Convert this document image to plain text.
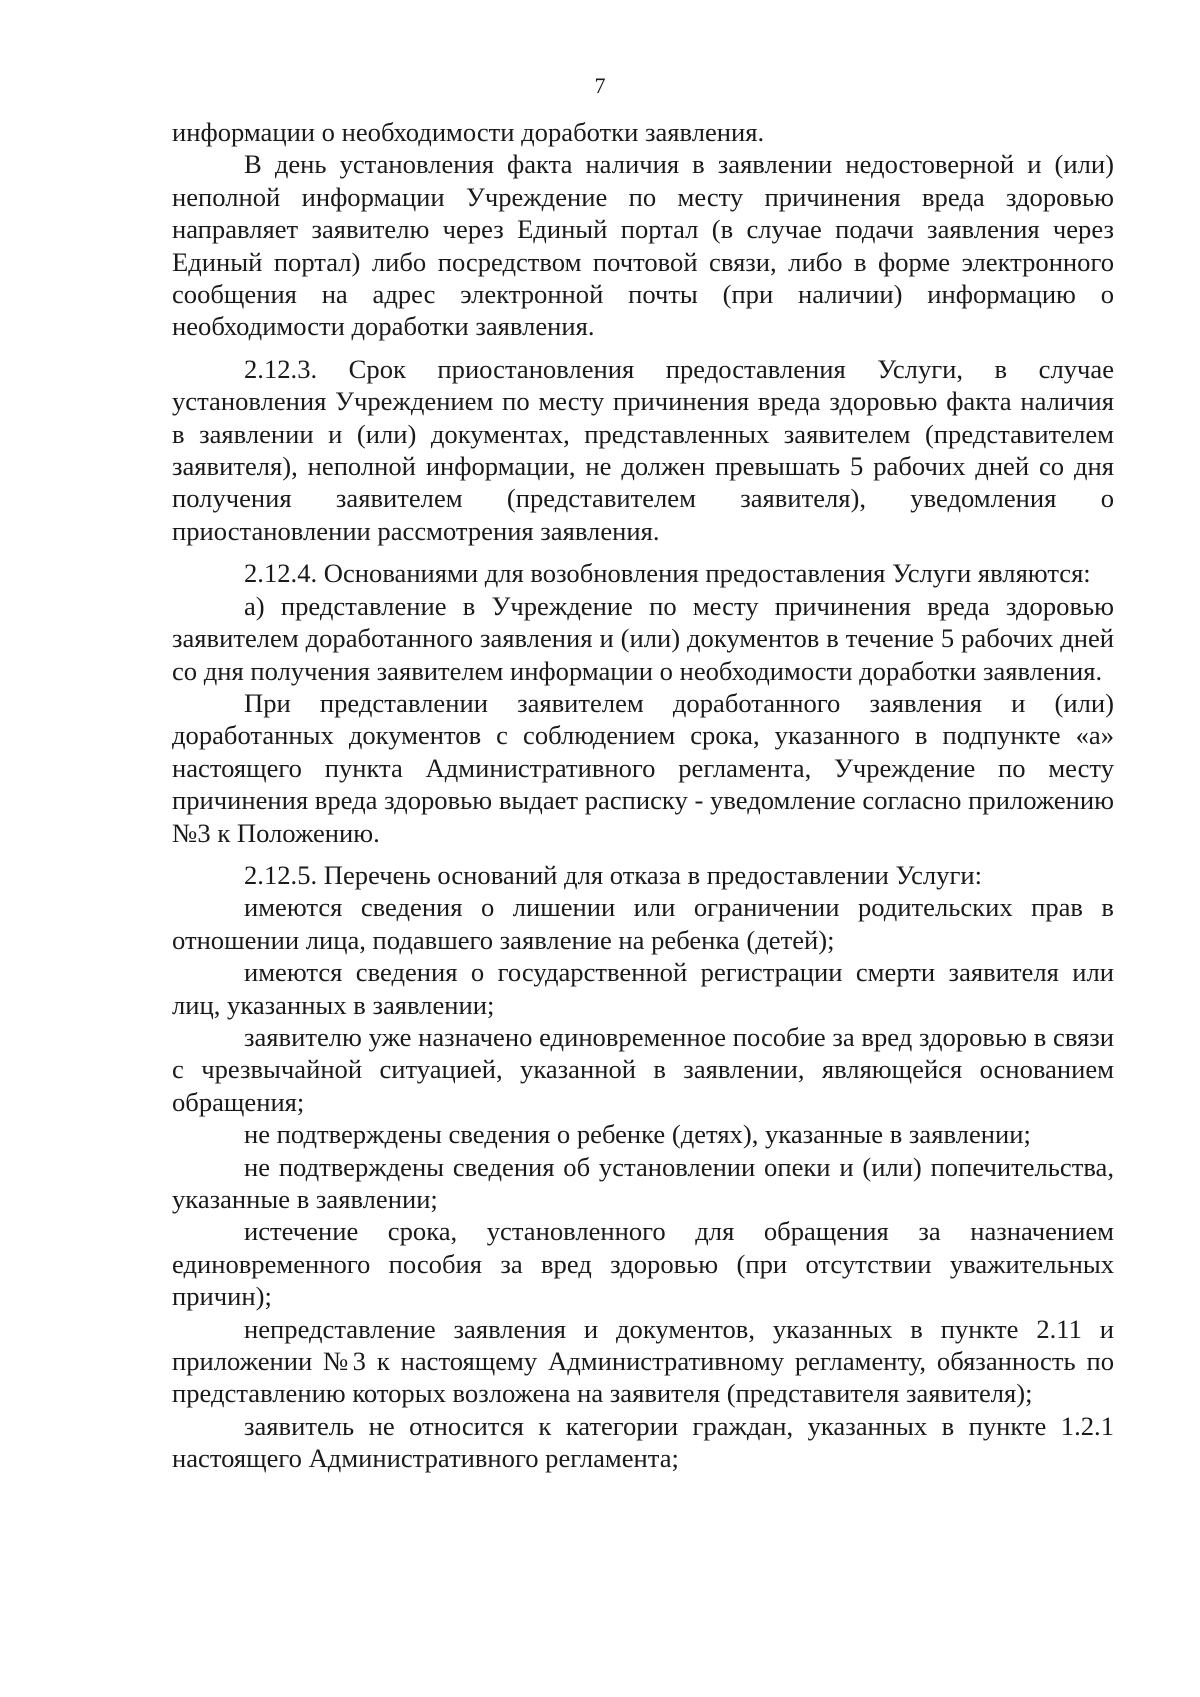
7

информации о необходимости доработки заявления.

В день установления факта наличия в заявлении недостоверной и (или) неполной информации Учреждение по месту причинения вреда здоровью направляет заявителю через Единый портал (в случае подачи заявления через Единый портал) либо посредством почтовой связи, либо в форме электронного сообщения на адрес электронной почты (при наличии) информацию о необходимости доработки заявления.

2.12.3. Срок приостановления предоставления Услуги, в случае установления Учреждением по месту причинения вреда здоровью факта наличия в заявлении и (или) документах, представленных заявителем (представителем заявителя), неполной информации, не должен превышать 5 рабочих дней со дня получения заявителем (представителем заявителя), уведомления о приостановлении рассмотрения заявления.

2.12.4. Основаниями для возобновления предоставления Услуги являются:

а) представление в Учреждение по месту причинения вреда здоровью заявителем доработанного заявления и (или) документов в течение 5 рабочих дней со дня получения заявителем информации о необходимости доработки заявления.

При представлении заявителем доработанного заявления и (или) доработанных документов с соблюдением срока, указанного в подпункте «а» настоящего пункта Административного регламента, Учреждение по месту причинения вреда здоровью выдает расписку - уведомление согласно приложению №3 к Положению.

2.12.5. Перечень оснований для отказа в предоставлении Услуги:

имеются сведения о лишении или ограничении родительских прав в отношении лица, подавшего заявление на ребенка (детей);

имеются сведения о государственной регистрации смерти заявителя или лиц, указанных в заявлении;

заявителю уже назначено единовременное пособие за вред здоровью в связи с чрезвычайной ситуацией, указанной в заявлении, являющейся основанием обращения;

не подтверждены сведения о ребенке (детях), указанные в заявлении;

не подтверждены сведения об установлении опеки и (или) попечительства, указанные в заявлении;

истечение срока, установленного для обращения за назначением единовременного пособия за вред здоровью (при отсутствии уважительных причин);

непредставление заявления и документов, указанных в пункте 2.11 и приложении №3 к настоящему Административному регламенту, обязанность по представлению которых возложена на заявителя (представителя заявителя);

заявитель не относится к категории граждан, указанных в пункте 1.2.1 настоящего Административного регламента;
